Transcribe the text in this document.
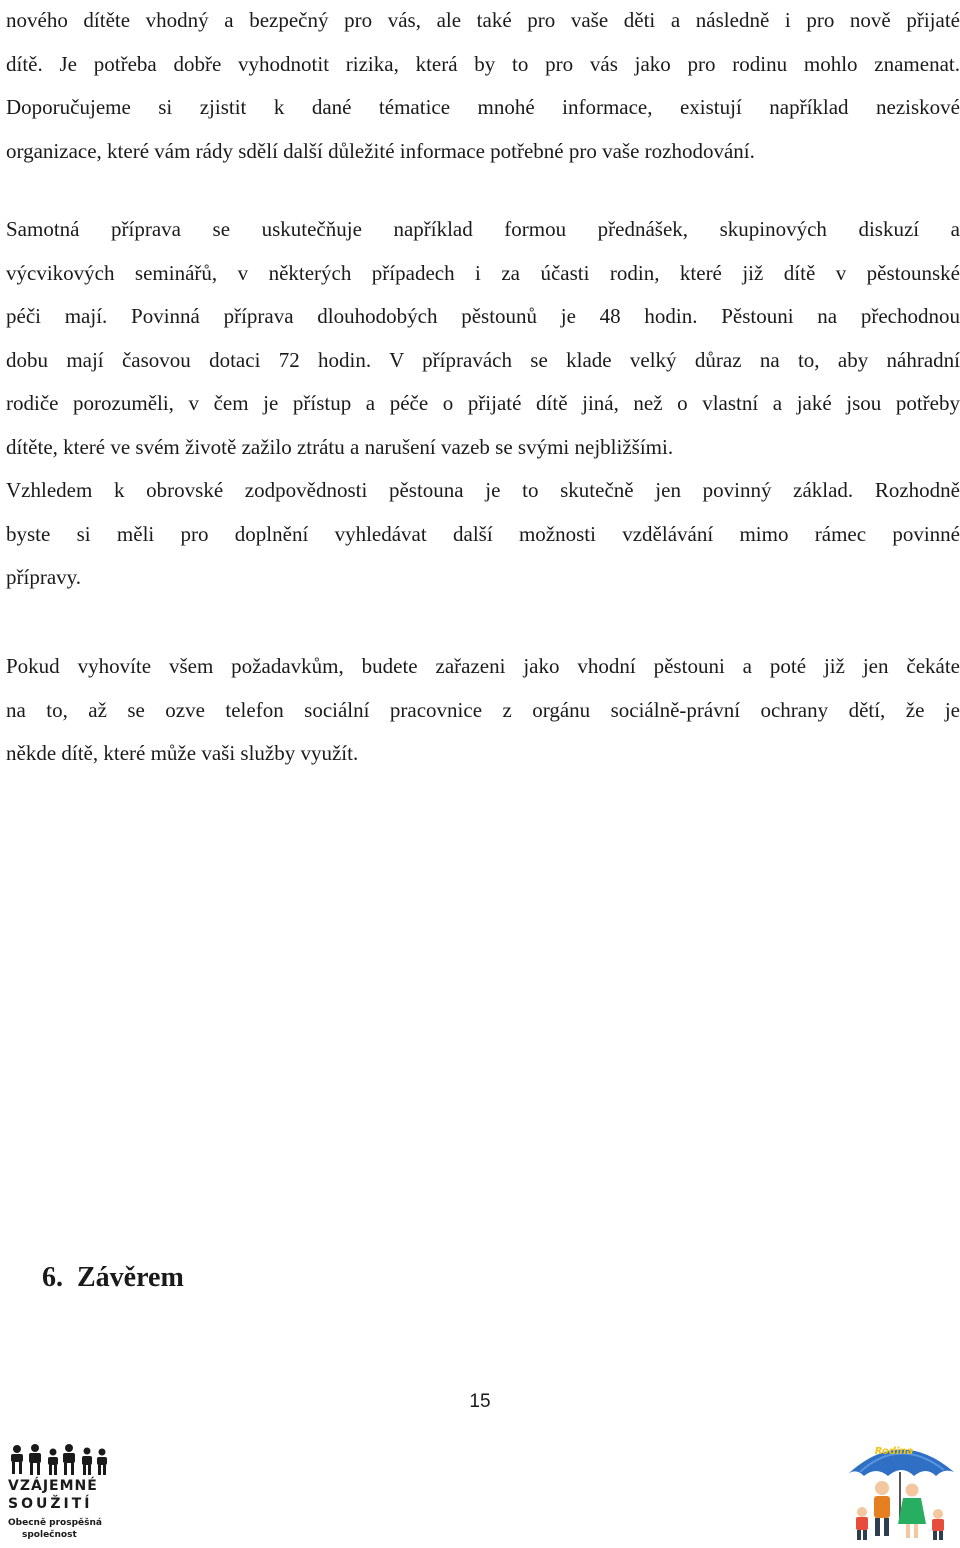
nového dítěte vhodný a bezpečný pro vás, ale také pro vaše děti a následně i pro nově přijaté
dítě. Je potřeba dobře vyhodnotit rizika, která by to pro vás jako pro rodinu mohlo znamenat.
Doporučujeme si zjistit k dané tématice mnohé informace, existují například neziskové
organizace, které vám rády sdělí další důležité informace potřebné pro vaše rozhodování.

Samotná příprava se uskutečňuje například formou přednášek, skupinových diskuzí a
výcvikových seminářů, v některých případech i za účasti rodin, které již dítě v pěstounské
péči mají. Povinná příprava dlouhodobých pěstounů je 48 hodin. Pěstouni na přechodnou
dobu mají časovou dotaci 72 hodin. V přípravách se klade velký důraz na to, aby náhradní
rodiče porozuměli, v čem je přístup a péče o přijaté dítě jiná, než o vlastní a jaké jsou potřeby
dítěte, které ve svém životě zažilo ztrátu a narušení vazeb se svými nejbližšími.
Vzhledem k obrovské zodpovědnosti pěstouna je to skutečně jen povinný základ. Rozhodně
byste si měli pro doplnění vyhledávat další možnosti vzdělávání mimo rámec povinné
přípravy.

Pokud vyhovíte všem požadavkům, budete zařazeni jako vhodní pěstouni a poté již jen čekáte
na to, až se ozve telefon sociální pracovnice z orgánu sociálně-právní ochrany dětí, že je
někde dítě, které může vaši služby využít.

6. Závěrem
15
VZÁJEMNÉ
SOUŽITÍ
Obecně prospěšná
společnost
Rodina
